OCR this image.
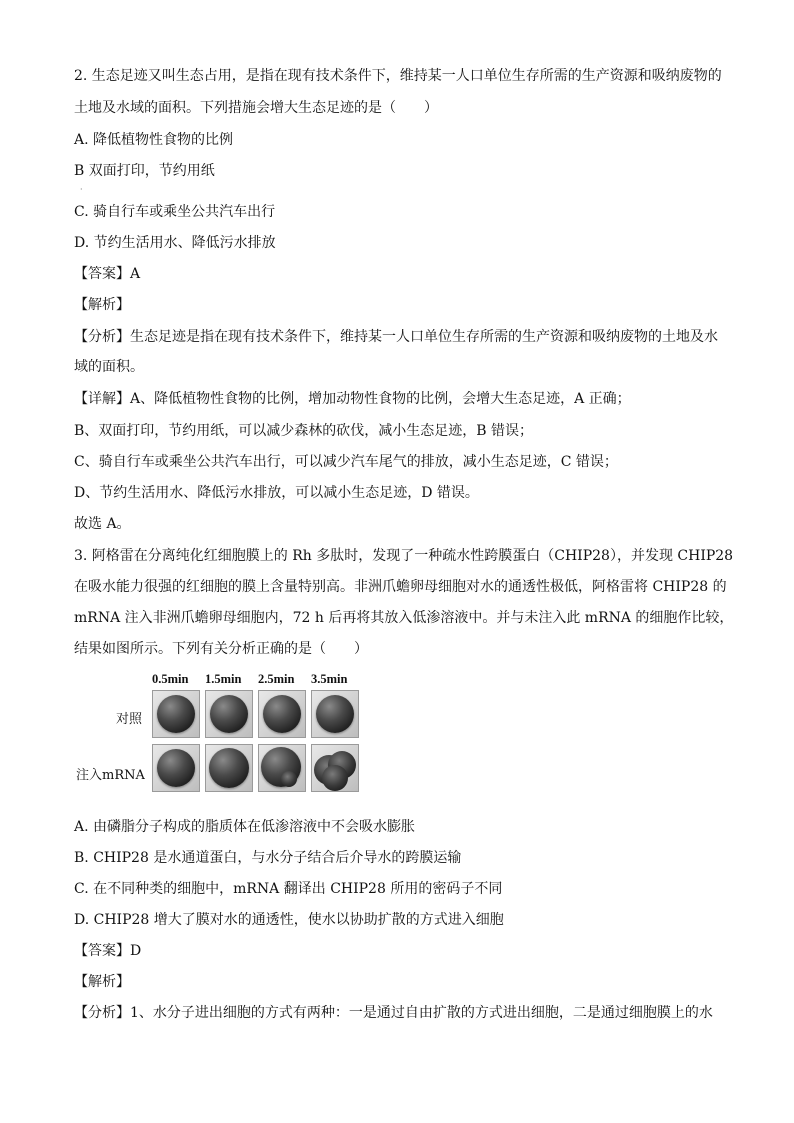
2. 生态足迹又叫生态占用，是指在现有技术条件下，维持某一人口单位生存所需的生产资源和吸纳废物的
土地及水域的面积。下列措施会增大生态足迹的是（　　）
A. 降低植物性食物的比例
B 双面打印，节约用纸
·
C. 骑自行车或乘坐公共汽车出行
D. 节约生活用水、降低污水排放
【答案】A
【解析】
【分析】生态足迹是指在现有技术条件下，维持某一人口单位生存所需的生产资源和吸纳废物的土地及水
域的面积。
【详解】A、降低植物性食物的比例，增加动物性食物的比例，会增大生态足迹，A 正确；
B、双面打印，节约用纸，可以减少森林的砍伐，减小生态足迹，B 错误；
C、骑自行车或乘坐公共汽车出行，可以减少汽车尾气的排放，减小生态足迹，C 错误；
D、节约生活用水、降低污水排放，可以减小生态足迹，D 错误。
故选 A。
3. 阿格雷在分离纯化红细胞膜上的 Rh 多肽时，发现了一种疏水性跨膜蛋白（CHIP28），并发现 CHIP28
在吸水能力很强的红细胞的膜上含量特别高。非洲爪蟾卵母细胞对水的通透性极低，阿格雷将 CHIP28 的
mRNA 注入非洲爪蟾卵母细胞内，72 h 后再将其放入低渗溶液中。并与未注入此 mRNA 的细胞作比较，
结果如图所示。下列有关分析正确的是（　　）
0.5min 1.5min 2.5min 3.5min
对照
注入mRNA
A. 由磷脂分子构成的脂质体在低渗溶液中不会吸水膨胀
B. CHIP28 是水通道蛋白，与水分子结合后介导水的跨膜运输
C. 在不同种类的细胞中，mRNA 翻译出 CHIP28 所用的密码子不同
D. CHIP28 增大了膜对水的通透性，使水以协助扩散的方式进入细胞
【答案】D
【解析】
【分析】1、水分子进出细胞的方式有两种：一是通过自由扩散的方式进出细胞，二是通过细胞膜上的水
